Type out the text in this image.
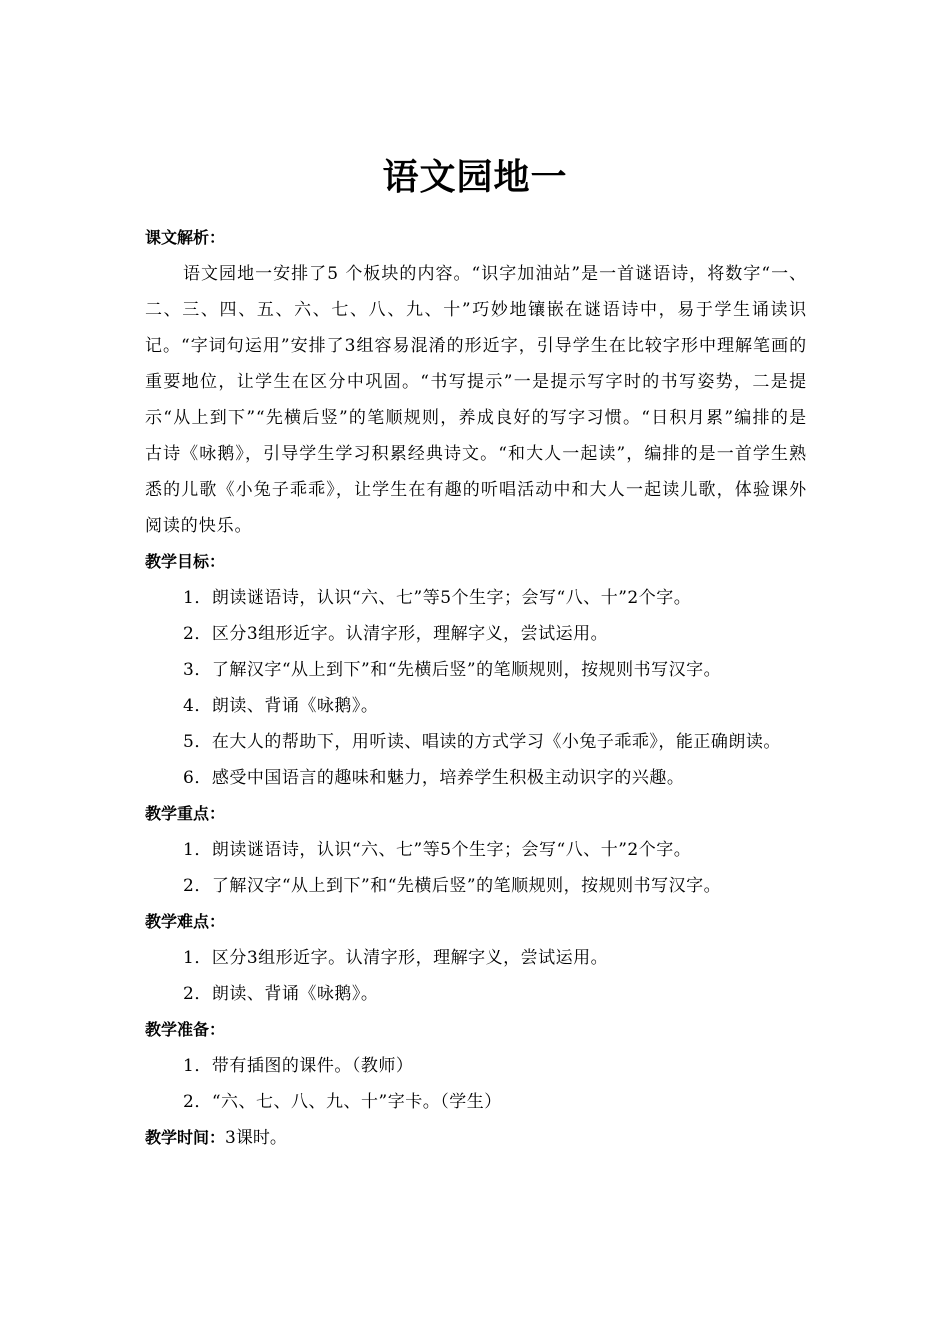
语文园地一

课文解析：

语文园地一安排了5 个板块的内容。“识字加油站”是一首谜语诗，将数字“一、二、三、四、五、六、七、八、九、十”巧妙地镶嵌在谜语诗中，易于学生诵读识记。“字词句运用”安排了3组容易混淆的形近字，引导学生在比较字形中理解笔画的重要地位，让学生在区分中巩固。“书写提示”一是提示写字时的书写姿势，二是提示“从上到下”“先横后竖”的笔顺规则，养成良好的写字习惯。“日积月累”编排的是古诗《咏鹅》，引导学生学习积累经典诗文。“和大人一起读”，编排的是一首学生熟悉的儿歌《小兔子乖乖》，让学生在有趣的听唱活动中和大人一起读儿歌，体验课外阅读的快乐。

教学目标：

1．朗读谜语诗，认识“六、七”等5个生字；会写“八、十”2个字。

2．区分3组形近字。认清字形，理解字义，尝试运用。

3．了解汉字“从上到下”和“先横后竖”的笔顺规则，按规则书写汉字。

4．朗读、背诵《咏鹅》。

5．在大人的帮助下，用听读、唱读的方式学习《小兔子乖乖》，能正确朗读。

6．感受中国语言的趣味和魅力，培养学生积极主动识字的兴趣。

教学重点：

1．朗读谜语诗，认识“六、七”等5个生字；会写“八、十”2个字。

2．了解汉字“从上到下”和“先横后竖”的笔顺规则，按规则书写汉字。

教学难点：

1．区分3组形近字。认清字形，理解字义，尝试运用。

2．朗读、背诵《咏鹅》。

教学准备：

1．带有插图的课件。（教师）

2．“六、七、八、九、十”字卡。（学生）

教学时间：3课时。
